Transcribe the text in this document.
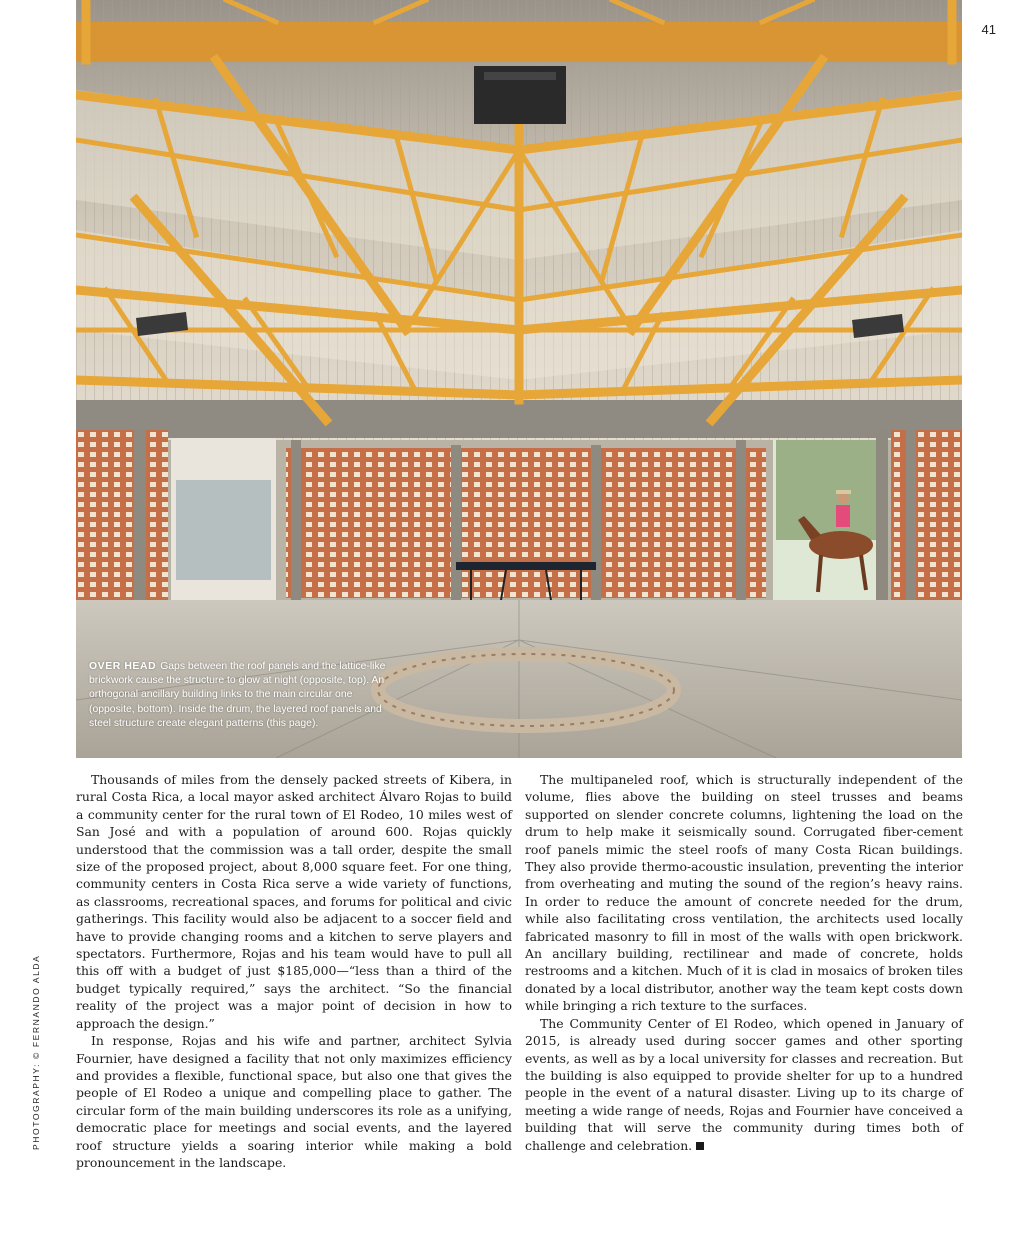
41
OVER HEAD Gaps between the roof panels and the lattice-like brickwork cause the structure to glow at night (opposite, top). An orthogonal ancillary building links to the main circular one (opposite, bottom). Inside the drum, the layered roof panels and steel structure create elegant patterns (this page).
PHOTOGRAPHY: © FERNANDO ALDA

Thousands of miles from the densely packed streets of Kibera, in rural Costa Rica, a local mayor asked architect Álvaro Rojas to build a community center for the rural town of El Rodeo, 10 miles west of San José and with a population of around 600. Rojas quickly understood that the commission was a tall order, despite the small size of the proposed project, about 8,000 square feet. For one thing, community centers in Costa Rica serve a wide variety of functions, as classrooms, recreational spaces, and forums for political and civic gatherings. This facility would also be adjacent to a soccer field and have to provide changing rooms and a kitchen to serve players and spectators. Furthermore, Rojas and his team would have to pull all this off with a budget of just $185,000—“less than a third of the budget typically required,” says the architect. “So the financial reality of the project was a major point of decision in how to approach the design.”

In response, Rojas and his wife and partner, architect Sylvia Fournier, have designed a facility that not only maximizes efficiency and provides a flexible, functional space, but also one that gives the people of El Rodeo a unique and compelling place to gather. The circular form of the main building underscores its role as a unifying, democratic place for meetings and social events, and the layered roof structure yields a soaring interior while making a bold pronouncement in the landscape.

The multipaneled roof, which is structurally independent of the volume, flies above the building on steel trusses and beams supported on slender concrete columns, lightening the load on the drum to help make it seismically sound. Corrugated fiber-cement roof panels mimic the steel roofs of many Costa Rican buildings. They also provide thermo-acoustic insulation, preventing the interior from overheating and muting the sound of the region’s heavy rains. In order to reduce the amount of concrete needed for the drum, while also facilitating cross ventilation, the architects used locally fabricated masonry to fill in most of the walls with open brickwork. An ancillary building, rectilinear and made of concrete, holds restrooms and a kitchen. Much of it is clad in mosaics of broken tiles donated by a local distributor, another way the team kept costs down while bringing a rich texture to the surfaces.

The Community Center of El Rodeo, which opened in January of 2015, is already used during soccer games and other sporting events, as well as by a local university for classes and recreation. But the building is also equipped to provide shelter for up to a hundred people in the event of a natural disaster. Living up to its charge of meeting a wide range of needs, Rojas and Fournier have conceived a building that will serve the community during times both of challenge and celebration.
